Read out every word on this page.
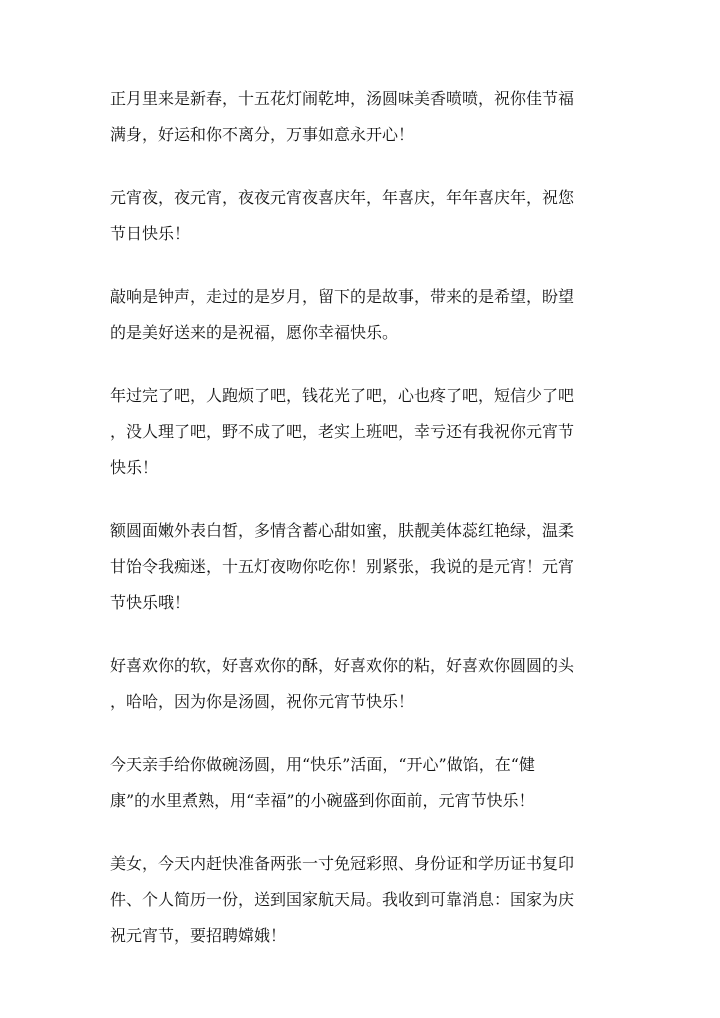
正月里来是新春，十五花灯闹乾坤，汤圆味美香喷喷，祝你佳节福
满身，好运和你不离分，万事如意永开心！

元宵夜，夜元宵，夜夜元宵夜喜庆年，年喜庆，年年喜庆年，祝您
节日快乐！

敲响是钟声，走过的是岁月，留下的是故事，带来的是希望，盼望
的是美好送来的是祝福，愿你幸福快乐。

年过完了吧，人跑烦了吧，钱花光了吧，心也疼了吧，短信少了吧
，没人理了吧，野不成了吧，老实上班吧，幸亏还有我祝你元宵节
快乐！

额圆面嫩外表白皙，多情含蓄心甜如蜜，肤靓美体蕊红艳绿，温柔
甘饴令我痴迷，十五灯夜吻你吃你！别紧张，我说的是元宵！元宵
节快乐哦！

好喜欢你的软，好喜欢你的酥，好喜欢你的粘，好喜欢你圆圆的头
，哈哈，因为你是汤圆，祝你元宵节快乐！

今天亲手给你做碗汤圆，用“快乐”活面，“开心”做馅，在“健
康”的水里煮熟，用“幸福”的小碗盛到你面前，元宵节快乐！

美女，今天内赶快准备两张一寸免冠彩照、身份证和学历证书复印
件、个人简历一份，送到国家航天局。我收到可靠消息：国家为庆
祝元宵节，要招聘嫦娥！
